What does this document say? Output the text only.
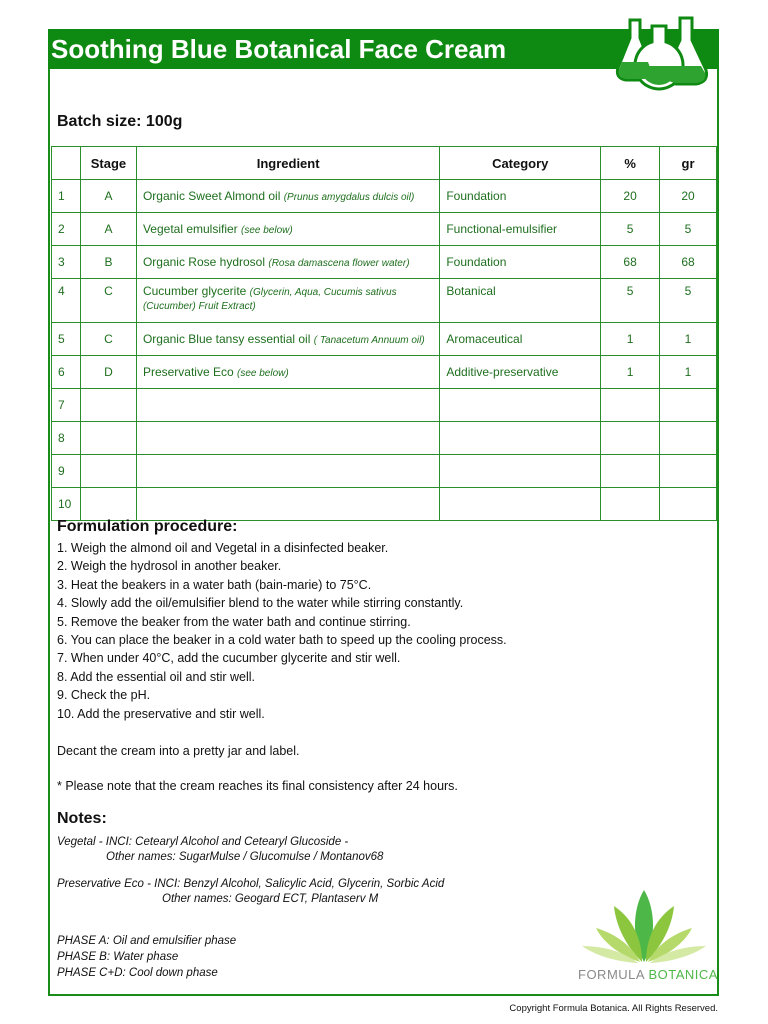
Soothing Blue Botanical Face Cream
Batch size: 100g
	Stage	Ingredient	Category	%	gr
1	A	Organic Sweet Almond oil (Prunus amygdalus dulcis oil)	Foundation	20	20
2	A	Vegetal emulsifier (see below)	Functional-emulsifier	5	5
3	B	Organic Rose hydrosol (Rosa damascena flower water)	Foundation	68	68
4	C	Cucumber glycerite (Glycerin, Aqua, Cucumis sativus (Cucumber) Fruit Extract)	Botanical	5	5
5	C	Organic Blue tansy essential oil ( Tanacetum Annuum oil)	Aromaceutical	1	1
6	D	Preservative Eco (see below)	Additive-preservative	1	1
7					
8					
9					
10					
Formulation procedure:
1. Weigh the almond oil and Vegetal in a disinfected beaker.
2. Weigh the hydrosol in another beaker.
3. Heat the beakers in a water bath (bain-marie) to 75°C.
4. Slowly add the oil/emulsifier blend to the water while stirring constantly.
5. Remove the beaker from the water bath and continue stirring.
6. You can place the beaker in a cold water bath to speed up the cooling process.
7. When under 40°C, add the cucumber glycerite and stir well.
8. Add the essential oil and stir well.
9. Check the pH.
10. Add the preservative and stir well.
Decant the cream into a pretty jar and label.
* Please note that the cream reaches its final consistency after 24 hours.
Notes:
Vegetal - INCI: Cetearyl Alcohol and Cetearyl Glucoside -
Other names: SugarMulse / Glucomulse / Montanov68
Preservative Eco - INCI: Benzyl Alcohol, Salicylic Acid, Glycerin, Sorbic Acid
Other names: Geogard ECT, Plantaserv M
PHASE A: Oil and emulsifier phase
PHASE B: Water phase
PHASE C+D: Cool down phase	FORMULA BOTANICA
Copyright Formula Botanica. All Rights Reserved.
